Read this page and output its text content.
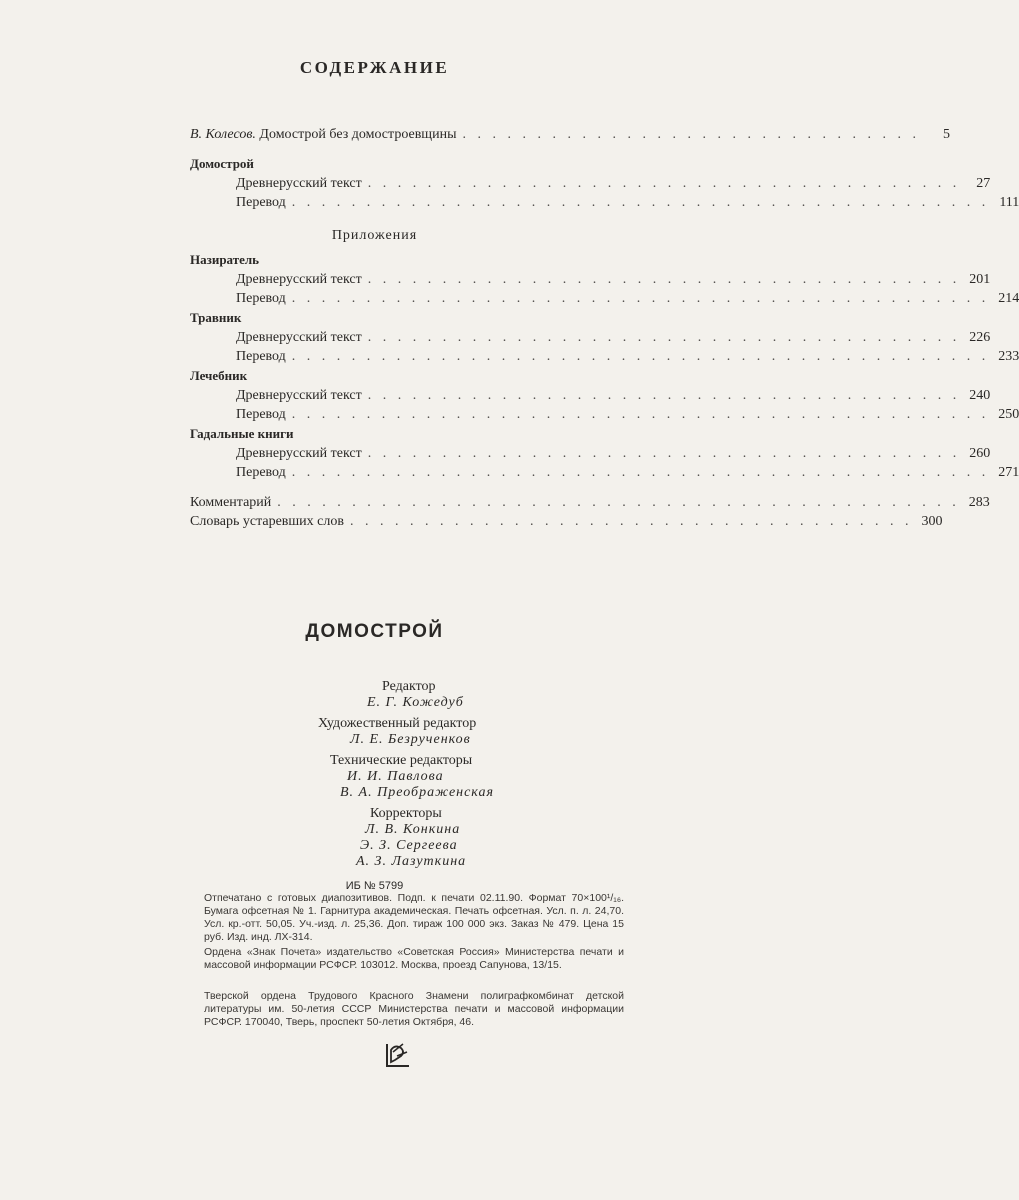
СОДЕРЖАНИЕ
В. Колесов. Домострой без домостроевщины . . . . . . . . . . . . . . . . . . . . . . . . . . . . . . .	5
Домострой
Древнерусский текст . . . . . . . . . . . . . . . . . . . . . . . . . . . . . . . . . . . . . . . .	27
Перевод . . . . . . . . . . . . . . . . . . . . . . . . . . . . . . . . . . . . . . . . . . . . . . . 111
Приложения
Назиратель
Древнерусский текст . . . . . . . . . . . . . . . . . . . . . . . . . . . . . . . . . . . . . . . . 201
Перевод . . . . . . . . . . . . . . . . . . . . . . . . . . . . . . . . . . . . . . . . . . . . . . . 214
Травник
Древнерусский текст . . . . . . . . . . . . . . . . . . . . . . . . . . . . . . . . . . . . . . . . 226
Перевод . . . . . . . . . . . . . . . . . . . . . . . . . . . . . . . . . . . . . . . . . . . . . . . 233
Лечебник
Древнерусский текст . . . . . . . . . . . . . . . . . . . . . . . . . . . . . . . . . . . . . . . . 240
Перевод . . . . . . . . . . . . . . . . . . . . . . . . . . . . . . . . . . . . . . . . . . . . . . . 250
Гадальные книги
Древнерусский текст . . . . . . . . . . . . . . . . . . . . . . . . . . . . . . . . . . . . . . . . 260
Перевод . . . . . . . . . . . . . . . . . . . . . . . . . . . . . . . . . . . . . . . . . . . . . . . 271
Комментарий . . . . . . . . . . . . . . . . . . . . . . . . . . . . . . . . . . . . . . . . . . . . . . 283
Словарь устаревших слов . . . . . . . . . . . . . . . . . . . . . . . . . . . . . . . . . . . . . . 300
ДОМОСТРОЙ
Редактор
Е. Г. Кожедуб
Художественный редактор
Л. Е. Безрученков
Технические редакторы
И. И. Павлова
В. А. Преображенская
Корректоры
Л. В. Конкина
Э. З. Сергеева
А. З. Лазуткина
ИБ № 5799
Отпечатано с готовых диапозитивов. Подп. к печати 02.11.90. Формат 70×100¹/₁₆. Бумага офсетная № 1. Гарнитура академическая. Печать офсетная. Усл. п. л. 24,70. Усл. кр.-отт. 50,05. Уч.-изд. л. 25,36. Доп. тираж 100 000 экз. Заказ № 479. Цена 15 руб. Изд. инд. ЛХ-314.
Ордена «Знак Почета» издательство «Советская Россия» Министерства печати и массовой информации РСФСР. 103012. Москва, проезд Сапунова, 13/15.
Тверской ордена Трудового Красного Знамени полиграфкомбинат детской литературы им. 50-летия СССР Министерства печати и массовой информации РСФСР. 170040, Тверь, проспект 50-летия Октября, 46.
